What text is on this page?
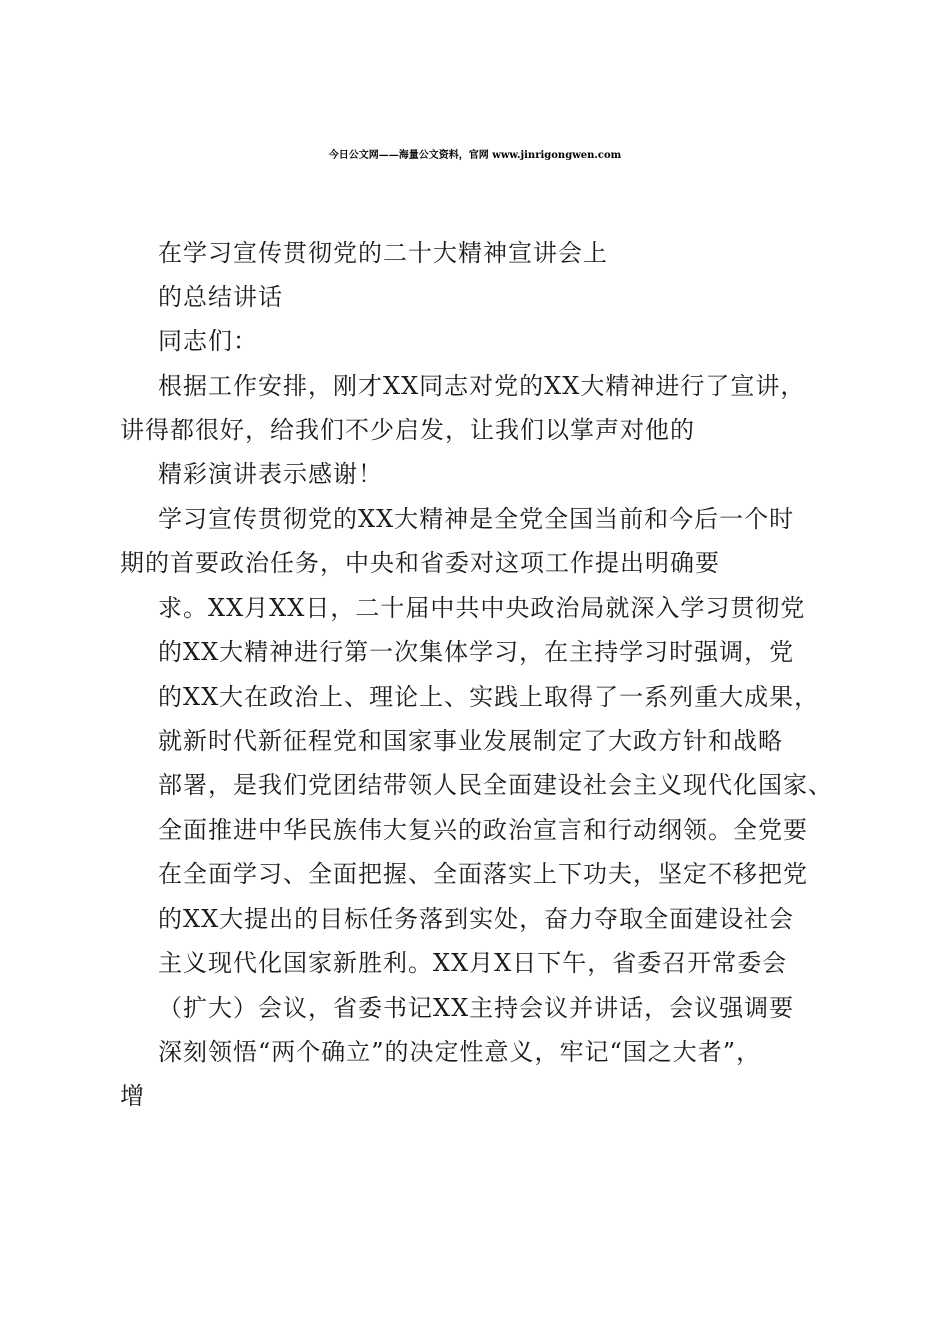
今日公文网——海量公文资料，官网 www.jinrigongwen.com
在学习宣传贯彻党的二十大精神宣讲会上
的总结讲话
同志们：
根据工作安排，刚才XX同志对党的XX大精神进行了宣讲，
讲得都很好，给我们不少启发，让我们以掌声对他的
精彩演讲表示感谢！
学习宣传贯彻党的XX大精神是全党全国当前和今后一个时
期的首要政治任务，中央和省委对这项工作提出明确要
求。XX月XX日，二十届中共中央政治局就深入学习贯彻党
的XX大精神进行第一次集体学习，在主持学习时强调，党
的XX大在政治上、理论上、实践上取得了一系列重大成果，
就新时代新征程党和国家事业发展制定了大政方针和战略
部署，是我们党团结带领人民全面建设社会主义现代化国家、
全面推进中华民族伟大复兴的政治宣言和行动纲领。全党要
在全面学习、全面把握、全面落实上下功夫，坚定不移把党
的XX大提出的目标任务落到实处，奋力夺取全面建设社会
主义现代化国家新胜利。XX月X日下午，省委召开常委会
（扩大）会议，省委书记XX主持会议并讲话，会议强调要
深刻领悟“两个确立”的决定性意义，牢记“国之大者”，
增
